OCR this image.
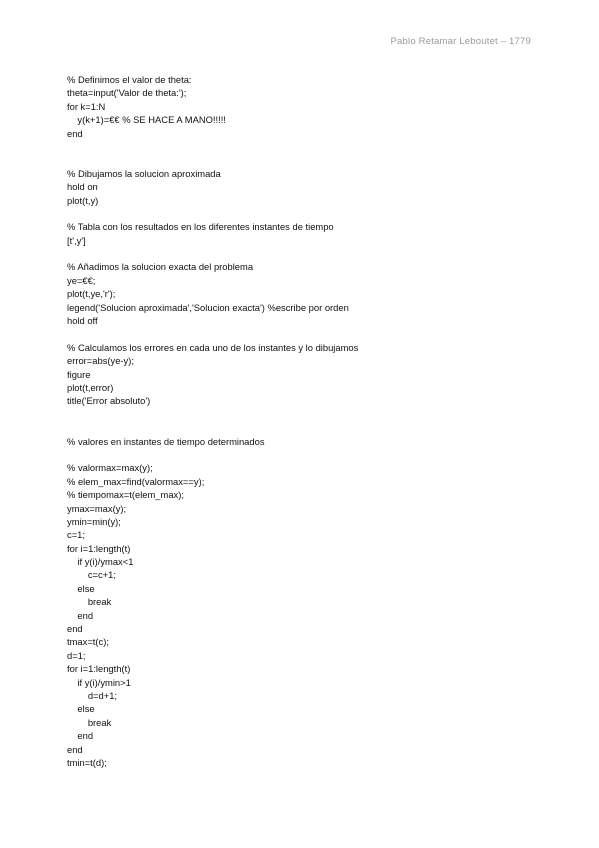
Pablo Retamar Leboutet – 1779
% Definimos el valor de theta:
theta=input('Valor de theta:');
for k=1:N
y(k+1)=€€ % SE HACE A MANO!!!!!
end
% Dibujamos la solucion aproximada
hold on
plot(t,y)
% Tabla con los resultados en los diferentes instantes de tiempo
[t',y']
% Añadimos la solucion exacta del problema
ye=€€;
plot(t,ye,'r');
legend('Solucion aproximada','Solucion exacta') %escribe por orden
hold off
% Calculamos los errores en cada uno de los instantes y lo dibujamos
error=abs(ye-y);
figure
plot(t,error)
title('Error absoluto')
% valores en instantes de tiempo determinados
% valormax=max(y);
% elem_max=find(valormax==y);
% tiempomax=t(elem_max);
ymax=max(y);
ymin=min(y);
c=1;
for i=1:length(t)
if y(i)/ymax<1
c=c+1;
else
break
end
end
tmax=t(c);
d=1;
for i=1:length(t)
if y(i)/ymin>1
d=d+1;
else
break
end
end
tmin=t(d);
